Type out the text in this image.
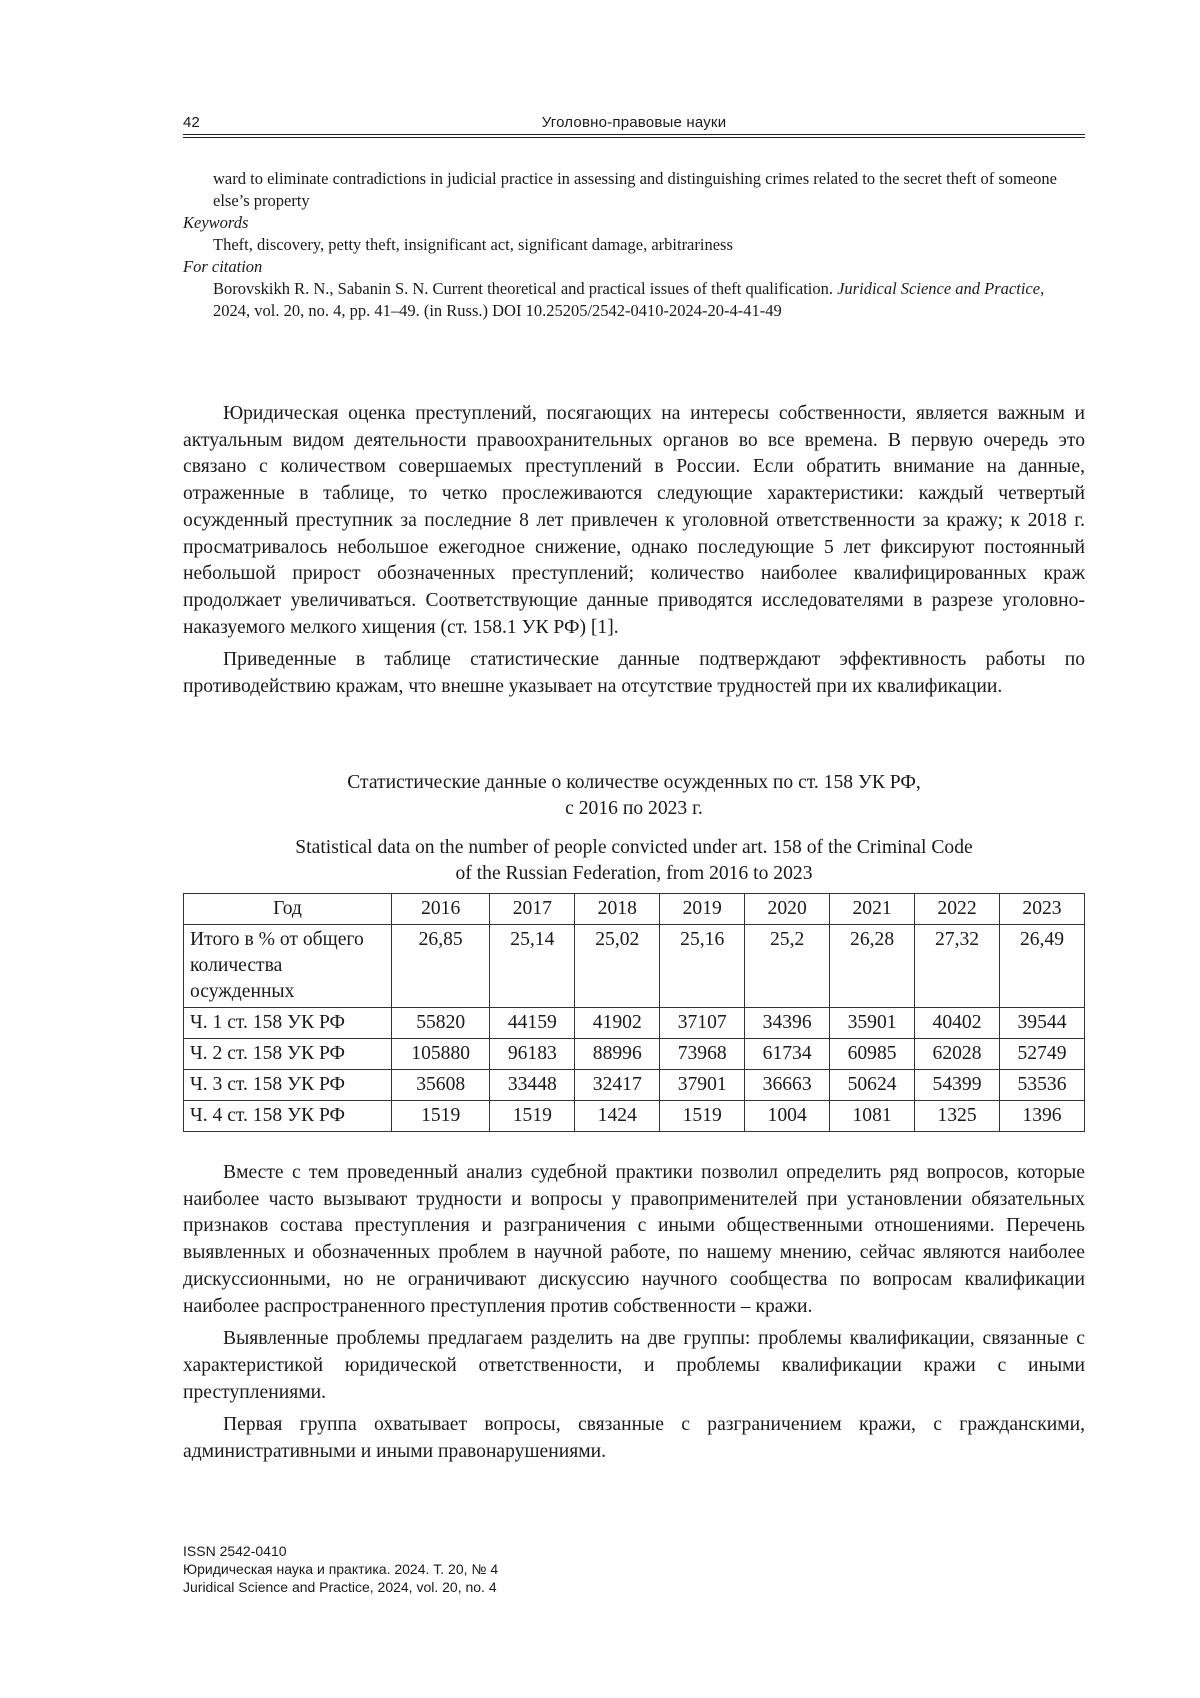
42	Уголовно-правовые науки
ward to eliminate contradictions in judicial practice in assessing and distinguishing crimes related to the secret theft of someone else’s property
Keywords
Theft, discovery, petty theft, insignificant act, significant damage, arbitrariness
For citation
Borovskikh R. N., Sabanin S. N. Current theoretical and practical issues of theft qualification. Juridical Science and Practice, 2024, vol. 20, no. 4, pp. 41–49. (in Russ.) DOI 10.25205/2542-0410-2024-20-4-41-49

Юридическая оценка преступлений, посягающих на интересы собственности, является важным и актуальным видом деятельности правоохранительных органов во все времена. В первую очередь это связано с количеством совершаемых преступлений в России. Если обратить внимание на данные, отраженные в таблице, то четко прослеживаются следующие характеристики: каждый четвертый осужденный преступник за последние 8 лет привлечен к уголовной ответственности за кражу; к 2018 г. просматривалось небольшое ежегодное снижение, однако последующие 5 лет фиксируют постоянный небольшой прирост обозначенных преступлений; количество наиболее квалифицированных краж продолжает увеличиваться. Соответствующие данные приводятся исследователями в разрезе уголовно-наказуемого мелкого хищения (ст. 158.1 УК РФ) [1].

Приведенные в таблице статистические данные подтверждают эффективность работы по противодействию кражам, что внешне указывает на отсутствие трудностей при их квалификации.

Статистические данные о количестве осужденных по ст. 158 УК РФ,
с 2016 по 2023 г.
Statistical data on the number of people convicted under art. 158 of the Criminal Code
of the Russian Federation, from 2016 to 2023
Год	2016	2017	2018	2019	2020	2021	2022	2023
Итого в % от общего количества осужденных	26,85	25,14	25,02	25,16	25,2	26,28	27,32	26,49
Ч. 1 ст. 158 УК РФ	55820	44159	41902	37107	34396	35901	40402	39544
Ч. 2 ст. 158 УК РФ	105880	96183	88996	73968	61734	60985	62028	52749
Ч. 3 ст. 158 УК РФ	35608	33448	32417	37901	36663	50624	54399	53536
Ч. 4 ст. 158 УК РФ	1519	1519	1424	1519	1004	1081	1325	1396

Вместе с тем проведенный анализ судебной практики позволил определить ряд вопросов, которые наиболее часто вызывают трудности и вопросы у правоприменителей при установлении обязательных признаков состава преступления и разграничения с иными общественными отношениями. Перечень выявленных и обозначенных проблем в научной работе, по нашему мнению, сейчас являются наиболее дискуссионными, но не ограничивают дискуссию научного сообщества по вопросам квалификации наиболее распространенного преступления против собственности – кражи.

Выявленные проблемы предлагаем разделить на две группы: проблемы квалификации, связанные с характеристикой юридической ответственности, и проблемы квалификации кражи с иными преступлениями.

Первая группа охватывает вопросы, связанные с разграничением кражи, с гражданскими, административными и иными правонарушениями.

ISSN 2542-0410
Юридическая наука и практика. 2024. Т. 20, № 4
Juridical Science and Practice, 2024, vol. 20, no. 4
